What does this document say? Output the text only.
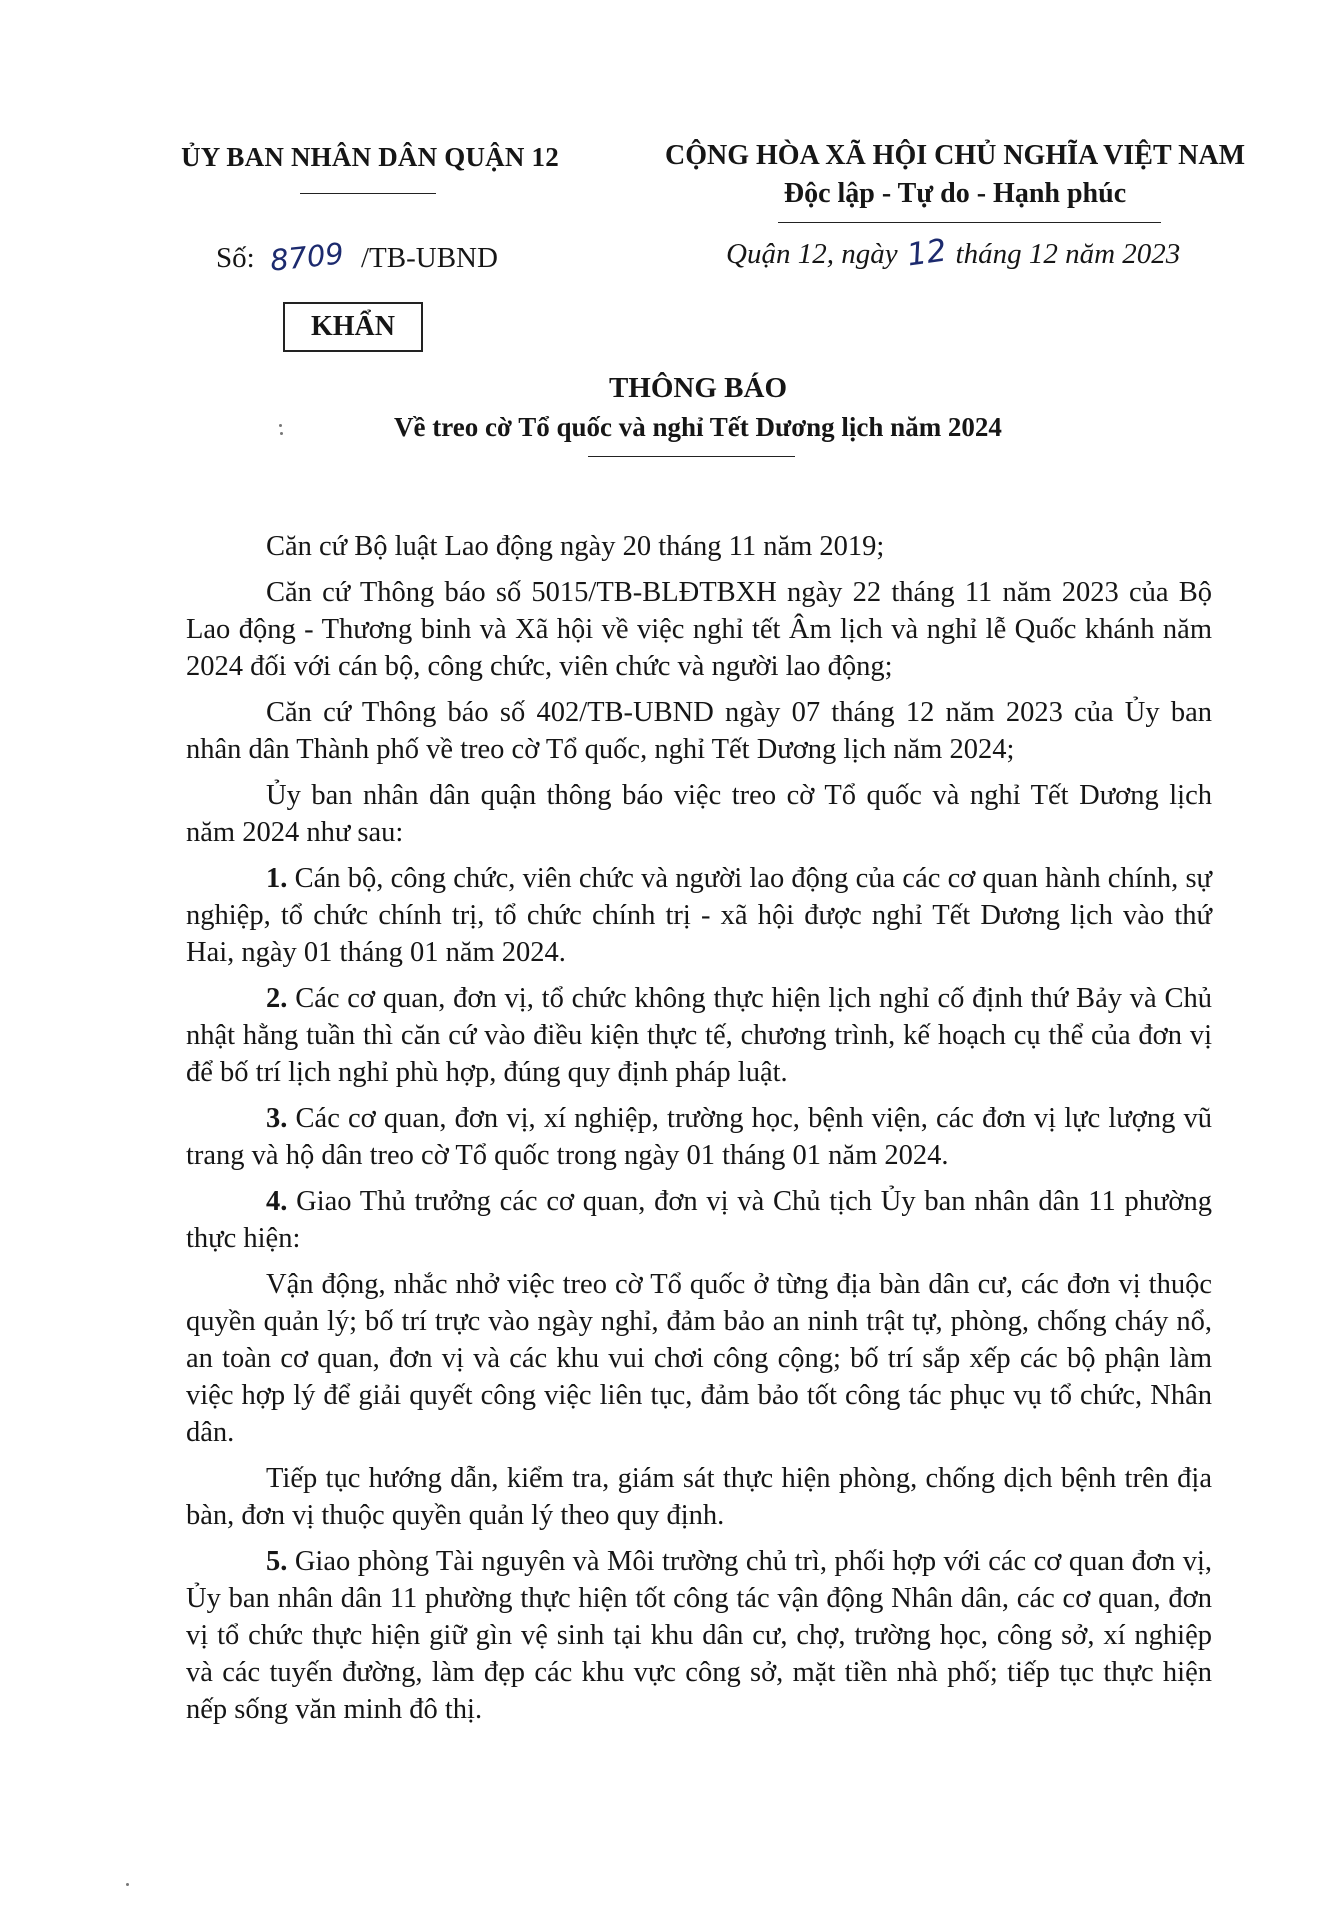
ỦY BAN NHÂN DÂN QUẬN 12	CỘNG HÒA XÃ HỘI CHỦ NGHĨA VIỆT NAM
Độc lập - Tự do - Hạnh phúc
Số: 8709 /TB-UBND	Quận 12, ngày 12 tháng 12 năm 2023
KHẨN
THÔNG BÁO
Về treo cờ Tổ quốc và nghỉ Tết Dương lịch năm 2024

Căn cứ Bộ luật Lao động ngày 20 tháng 11 năm 2019;

Căn cứ Thông báo số 5015/TB-BLĐTBXH ngày 22 tháng 11 năm 2023 của Bộ Lao động - Thương binh và Xã hội về việc nghỉ tết Âm lịch và nghỉ lễ Quốc khánh năm 2024 đối với cán bộ, công chức, viên chức và người lao động;

Căn cứ Thông báo số 402/TB-UBND ngày 07 tháng 12 năm 2023 của Ủy ban nhân dân Thành phố về treo cờ Tổ quốc, nghỉ Tết Dương lịch năm 2024;

Ủy ban nhân dân quận thông báo việc treo cờ Tổ quốc và nghỉ Tết Dương lịch năm 2024 như sau:

1. Cán bộ, công chức, viên chức và người lao động của các cơ quan hành chính, sự nghiệp, tổ chức chính trị, tổ chức chính trị - xã hội được nghỉ Tết Dương lịch vào thứ Hai, ngày 01 tháng 01 năm 2024.

2. Các cơ quan, đơn vị, tổ chức không thực hiện lịch nghỉ cố định thứ Bảy và Chủ nhật hằng tuần thì căn cứ vào điều kiện thực tế, chương trình, kế hoạch cụ thể của đơn vị để bố trí lịch nghỉ phù hợp, đúng quy định pháp luật.

3. Các cơ quan, đơn vị, xí nghiệp, trường học, bệnh viện, các đơn vị lực lượng vũ trang và hộ dân treo cờ Tổ quốc trong ngày 01 tháng 01 năm 2024.

4. Giao Thủ trưởng các cơ quan, đơn vị và Chủ tịch Ủy ban nhân dân 11 phường thực hiện:

Vận động, nhắc nhở việc treo cờ Tổ quốc ở từng địa bàn dân cư, các đơn vị thuộc quyền quản lý; bố trí trực vào ngày nghỉ, đảm bảo an ninh trật tự, phòng, chống cháy nổ, an toàn cơ quan, đơn vị và các khu vui chơi công cộng; bố trí sắp xếp các bộ phận làm việc hợp lý để giải quyết công việc liên tục, đảm bảo tốt công tác phục vụ tổ chức, Nhân dân.

Tiếp tục hướng dẫn, kiểm tra, giám sát thực hiện phòng, chống dịch bệnh trên địa bàn, đơn vị thuộc quyền quản lý theo quy định.

5. Giao phòng Tài nguyên và Môi trường chủ trì, phối hợp với các cơ quan đơn vị, Ủy ban nhân dân 11 phường thực hiện tốt công tác vận động Nhân dân, các cơ quan, đơn vị tổ chức thực hiện giữ gìn vệ sinh tại khu dân cư, chợ, trường học, công sở, xí nghiệp và các tuyến đường, làm đẹp các khu vực công sở, mặt tiền nhà phố; tiếp tục thực hiện nếp sống văn minh đô thị.
